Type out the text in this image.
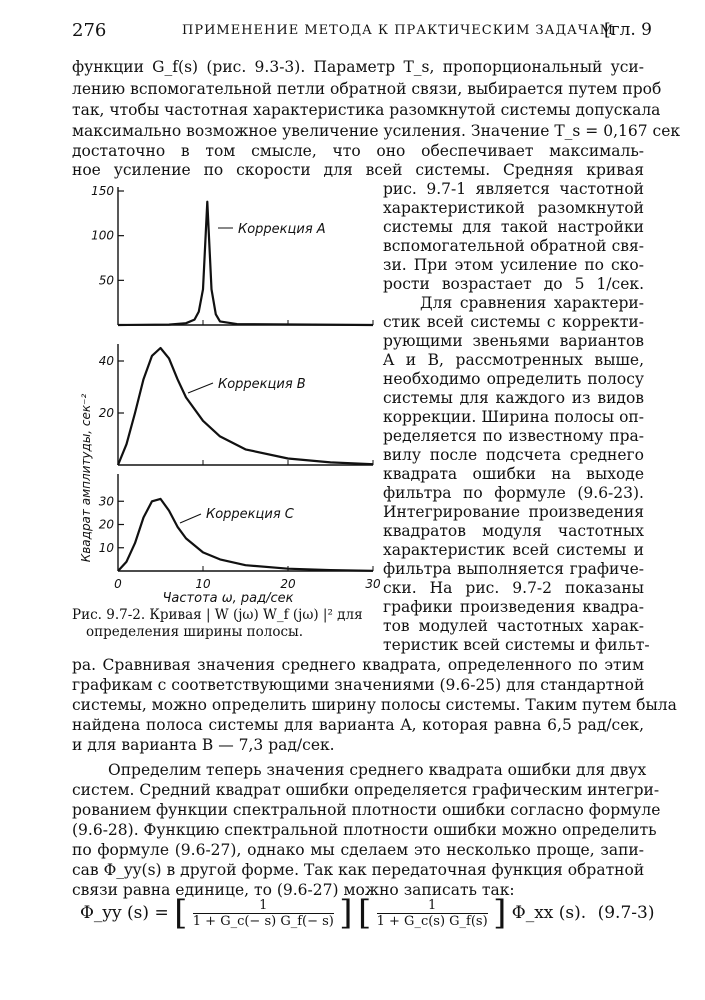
276	ПРИМЕНЕНИЕ МЕТОДА К ПРАКТИЧЕСКИМ ЗАДАЧАМ
[гл. 9
функции G_f(s) (рис. 9.3-3). Параметр T_s, пропорциональный уси-
лению вспомогательной петли обратной связи, выбирается путем проб
так, чтобы частотная характеристика разомкнутой системы допускала
максимально возможное увеличение усиления. Значение T_s = 0,167 сек
достаточно в том смысле, что оно обеспечивает максималь-
ное усиление по скорости для всей системы. Средняя кривая
150
100
50
40
20
30
20
10
0	10	20	30
Коррекция A
Коррекция B
Коррекция C
Квадрат амплитуды, сек⁻²
Частота ω, рад/сек
Рис. 9.7-2. Кривая | W (jω) W_f (jω) |² для
определения ширины полосы.
рис. 9.7-1 является частотной
характеристикой разомкнутой
системы для такой настройки
вспомогательной обратной свя-
зи. При этом усиление по ско-
рости возрастает до 5 1/сек.
Для сравнения характери-
стик всей системы с корректи-
рующими звеньями вариантов
A и B, рассмотренных выше,
необходимо определить полосу
системы для каждого из видов
коррекции. Ширина полосы оп-
ределяется по известному пра-
вилу после подсчета среднего
квадрата ошибки на выходе
фильтра по формуле (9.6-23).
Интегрирование произведения
квадратов модуля частотных
характеристик всей системы и
фильтра выполняется графиче-
ски. На рис. 9.7-2 показаны
графики произведения квадра-
тов модулей частотных харак-
теристик всей системы и фильт-
ра. Сравнивая значения среднего квадрата, определенного по этим
графикам с соответствующими значениями (9.6-25) для стандартной
системы, можно определить ширину полосы системы. Таким путем была
найдена полоса системы для варианта A, которая равна 6,5 рад/сек,
и для варианта B — 7,3 рад/сек.
Определим теперь значения среднего квадрата ошибки для двух
систем. Средний квадрат ошибки определяется графическим интегри-
рованием функции спектральной плотности ошибки согласно формуле
(9.6-28). Функцию спектральной плотности ошибки можно определить
по формуле (9.6-27), однако мы сделаем это несколько проще, запи-
сав Φ_yy(s) в другой форме. Так как передаточная функция обратной
связи равна единице, то (9.6-27) можно записать так:
Φ_yy (s) = [ $\frac{1}{1 + G\_c(- s) G\_f(- s)}$ ] [ $\frac{1}{1 + G\_c(s) G\_f(s)}$ ] Φ_xx (s). (9.7-3)
